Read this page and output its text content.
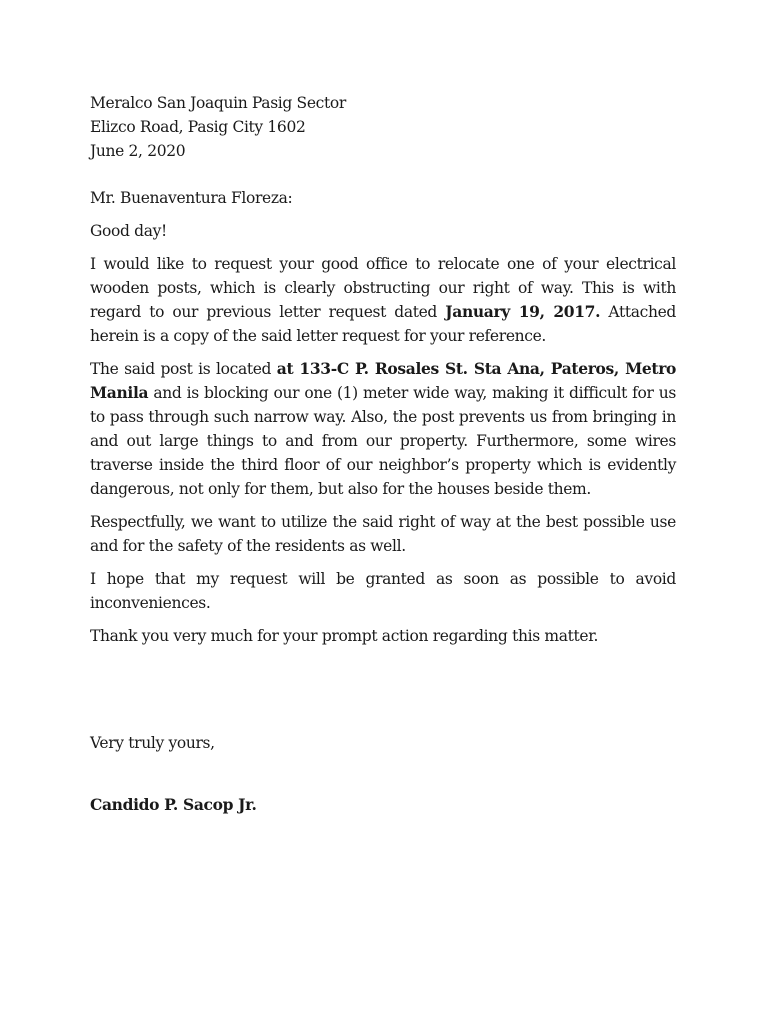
Meralco San Joaquin Pasig Sector
Elizco Road, Pasig City 1602
June 2, 2020
Mr. Buenaventura Floreza:
Good day!

I would like to request your good office to relocate one of your electrical wooden posts, which is clearly obstructing our right of way. This is with regard to our previous letter request dated January 19, 2017. Attached herein is a copy of the said letter request for your reference.

The said post is located at 133-C P. Rosales St. Sta Ana, Pateros, Metro Manila and is blocking our one (1) meter wide way, making it difficult for us to pass through such narrow way. Also, the post prevents us from bringing in and out large things to and from our property. Furthermore, some wires traverse inside the third floor of our neighbor’s property which is evidently dangerous, not only for them, but also for the houses beside them.

Respectfully, we want to utilize the said right of way at the best possible use and for the safety of the residents as well.

I hope that my request will be granted as soon as possible to avoid inconveniences.

Thank you very much for your prompt action regarding this matter.

Very truly yours,
Candido P. Sacop Jr.
